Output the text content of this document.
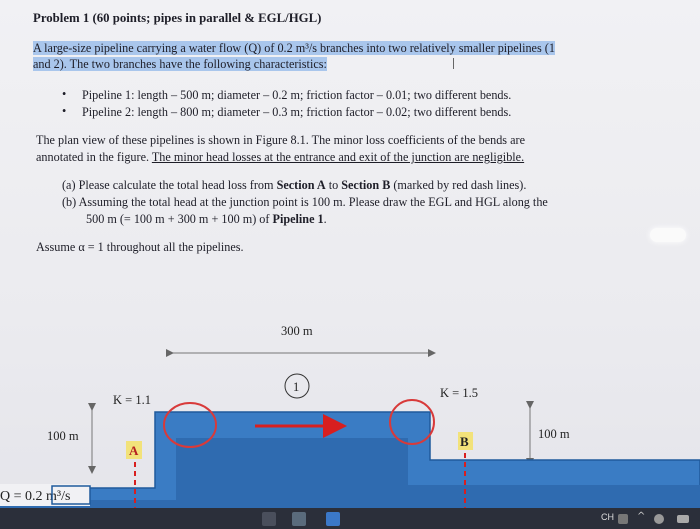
Problem 1 (60 points; pipes in parallel & EGL/HGL)
A large-size pipeline carrying a water flow (Q) of 0.2 m³/s branches into two relatively smaller pipelines (1
and 2). The two branches have the following characteristics:
• Pipeline 1: length – 500 m; diameter – 0.2 m; friction factor – 0.01; two different bends.
• Pipeline 2: length – 800 m; diameter – 0.3 m; friction factor – 0.02; two different bends.
The plan view of these pipelines is shown in Figure 8.1. The minor loss coefficients of the bends are
annotated in the figure. The minor head losses at the entrance and exit of the junction are negligible.
(a) Please calculate the total head loss from Section A to Section B (marked by red dash lines).
(b) Assuming the total head at the junction point is 100 m. Please draw the EGL and HGL along the
500 m (= 100 m + 300 m + 100 m) of Pipeline 1.
Assume α = 1 throughout all the pipelines.
300 m
100 m	100 m
1
K = 1.1	K = 1.5
A
B
Q = 0.2 m³/s
CH ^
